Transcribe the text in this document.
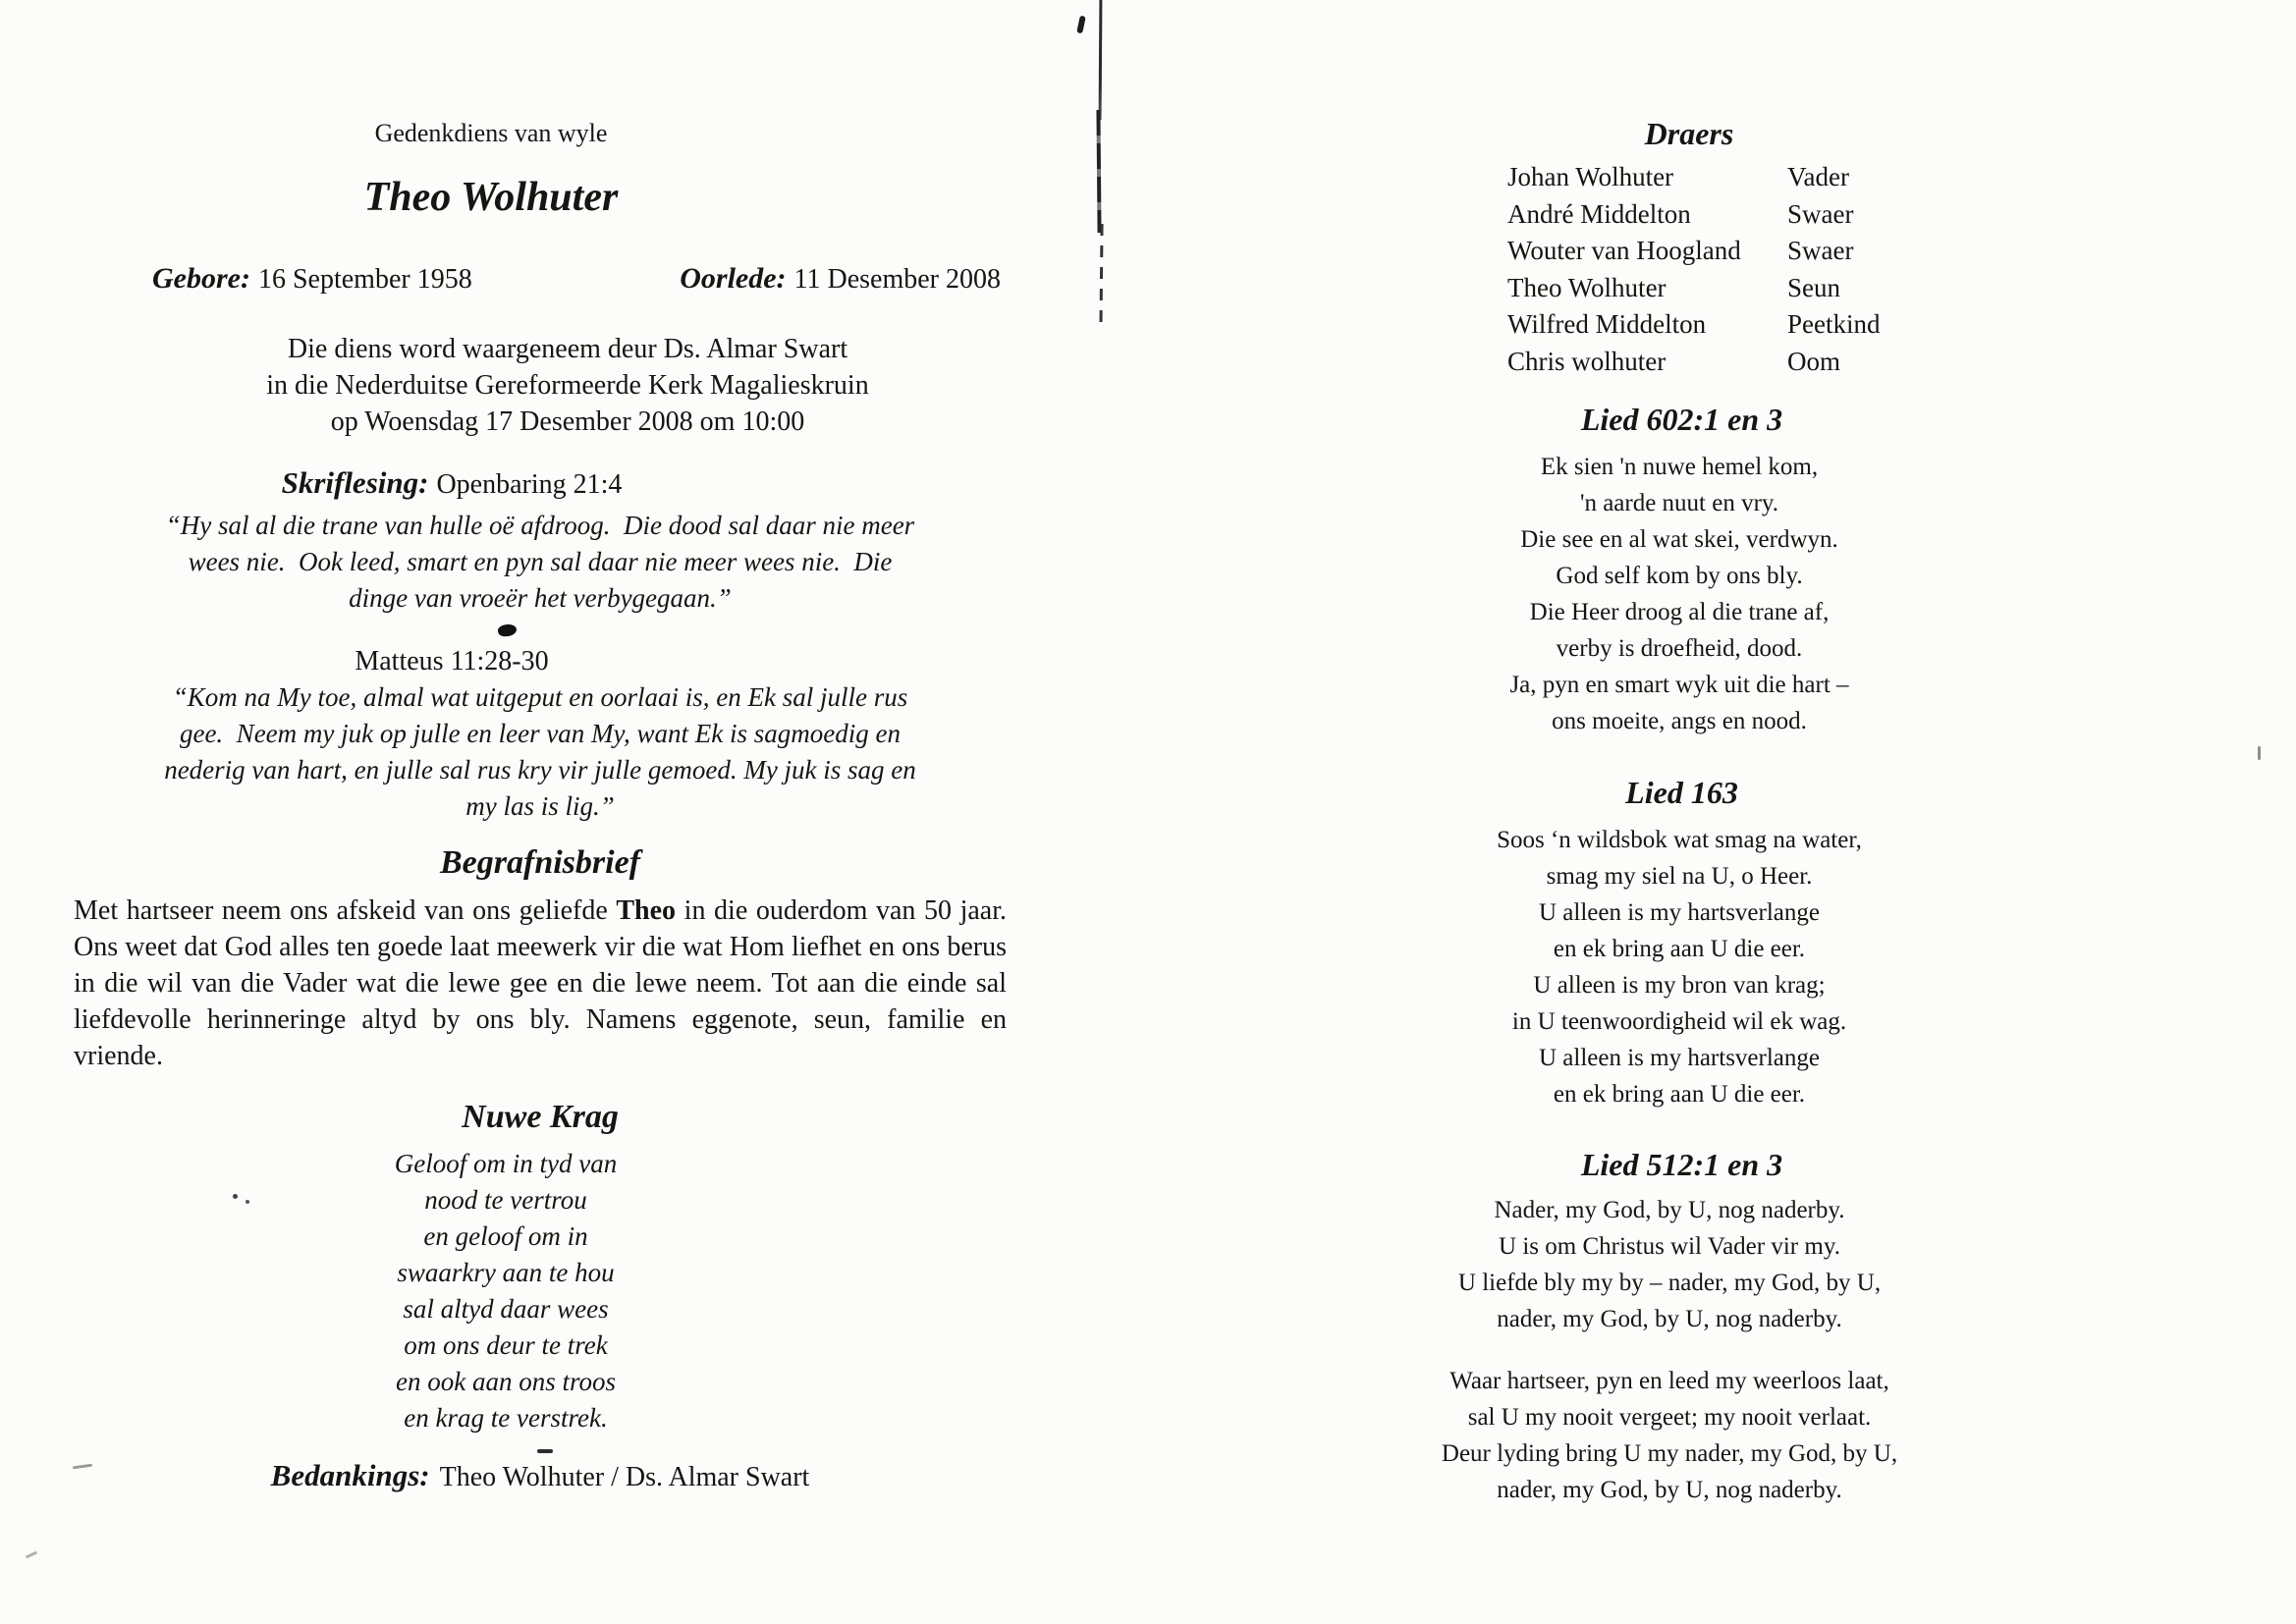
Gedenkdiens van wyle
Theo Wolhuter
Gebore: 16 September 1958	Oorlede: 11 Desember 2008
Die diens word waargeneem deur Ds. Almar Swart
in die Nederduitse Gereformeerde Kerk Magalieskruin
op Woensdag 17 Desember 2008 om 10:00
Skriflesing: Openbaring 21:4
“Hy sal al die trane van hulle oë afdroog.  Die dood sal daar nie meer
wees nie.  Ook leed, smart en pyn sal daar nie meer wees nie.  Die
dinge van vroeër het verbygegaan.”
Matteus 11:28-30
“Kom na My toe, almal wat uitgeput en oorlaai is, en Ek sal julle rus
gee.  Neem my juk op julle en leer van My, want Ek is sagmoedig en
nederig van hart, en julle sal rus kry vir julle gemoed. My juk is sag en
my las is lig.”
Begrafnisbrief

Met hartseer neem ons afskeid van ons geliefde Theo in die ouderdom van 50 jaar. Ons weet dat God alles ten goede laat meewerk vir die wat Hom liefhet en ons berus in die wil van die Vader wat die lewe gee en die lewe neem. Tot aan die einde sal liefdevolle herinneringe altyd by ons bly. Namens eggenote, seun, familie en vriende.

Nuwe Krag
Geloof om in tyd van
nood te vertrou
en geloof om in
swaarkry aan te hou
sal altyd daar wees
om ons deur te trek
en ook aan ons troos
en krag te verstrek.
Bedankings: Theo Wolhuter / Ds. Almar Swart
Draers
Johan Wolhuter	Vader
André Middelton	Swaer
Wouter van Hoogland	Swaer
Theo Wolhuter	Seun
Wilfred Middelton	Peetkind
Chris wolhuter	Oom
Lied 602:1 en 3
Ek sien 'n nuwe hemel kom,
'n aarde nuut en vry.
Die see en al wat skei, verdwyn.
God self kom by ons bly.
Die Heer droog al die trane af,
verby is droefheid, dood.
Ja, pyn en smart wyk uit die hart –
ons moeite, angs en nood.
Lied 163
Soos ‘n wildsbok wat smag na water,
smag my siel na U, o Heer.
U alleen is my hartsverlange
en ek bring aan U die eer.
U alleen is my bron van krag;
in U teenwoordigheid wil ek wag.
U alleen is my hartsverlange
en ek bring aan U die eer.
Lied 512:1 en 3
Nader, my God, by U, nog naderby.
U is om Christus wil Vader vir my.
U liefde bly my by – nader, my God, by U,
nader, my God, by U, nog naderby.
Waar hartseer, pyn en leed my weerloos laat,
sal U my nooit vergeet; my nooit verlaat.
Deur lyding bring U my nader, my God, by U,
nader, my God, by U, nog naderby.
